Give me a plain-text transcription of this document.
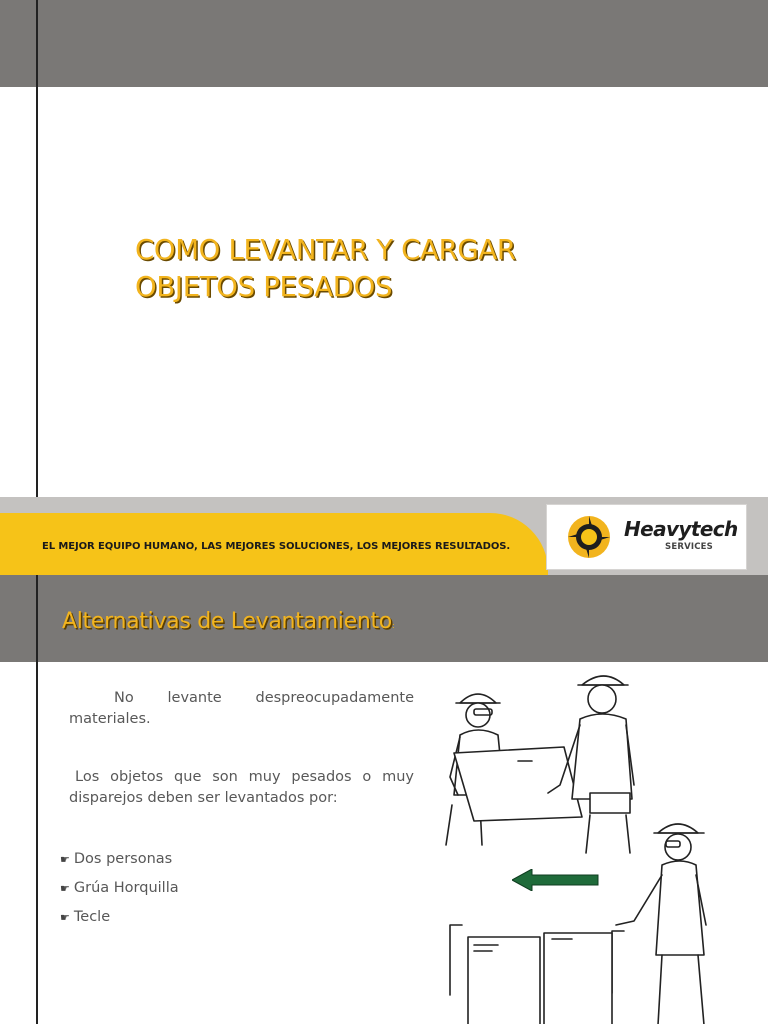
COMO LEVANTAR Y CARGAR
OBJETOS PESADOS

EL MEJOR EQUIPO HUMANO, LAS MEJORES SOLUCIONES, LOS MEJORES RESULTADOS.

Heavytech

SERVICES

Alternativas de Levantamiento:

No levante despreocupadamente materiales.

Los objetos que son muy pesados o muy disparejos deben ser levantados por:

☛ Dos personas
☛ Grúa Horquilla
☛ Tecle
